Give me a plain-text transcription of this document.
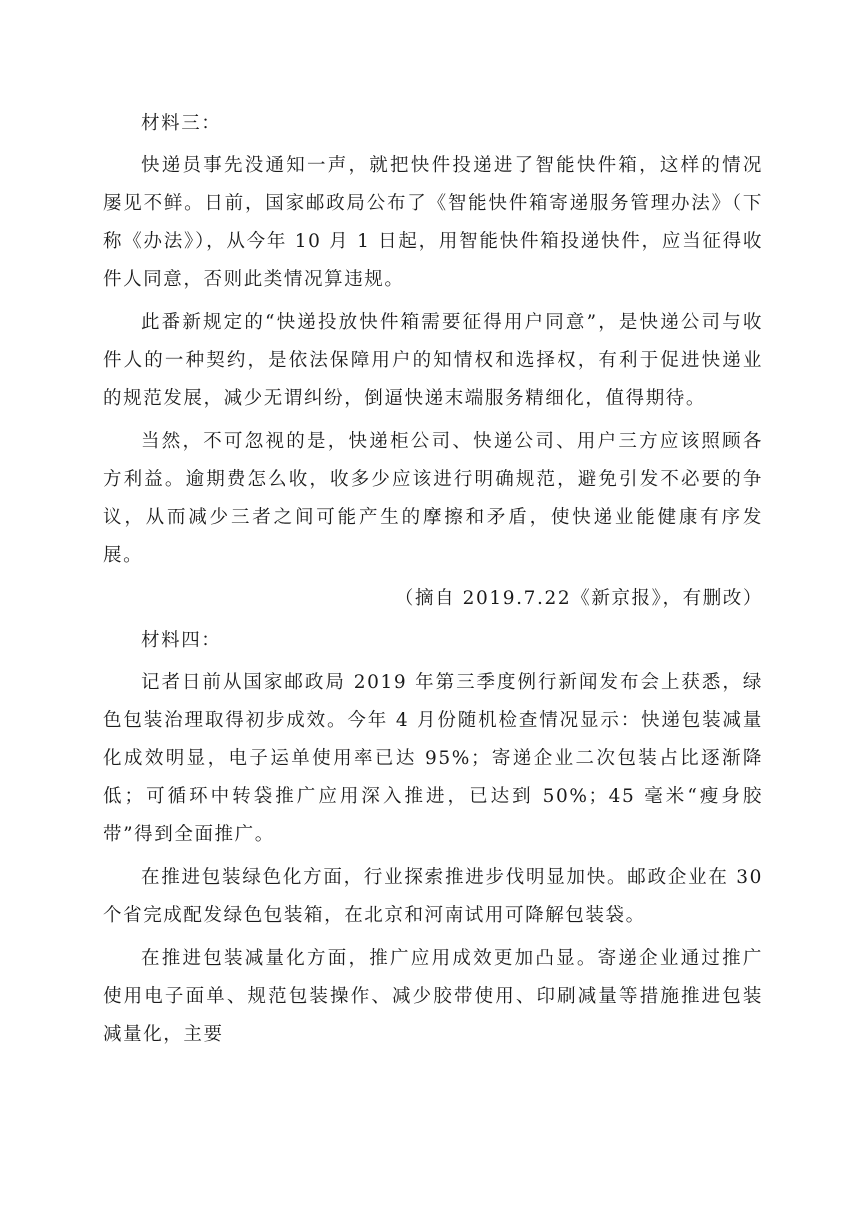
材料三：

快递员事先没通知一声，就把快件投递进了智能快件箱，这样的情况屡见不鲜。日前，国家邮政局公布了《智能快件箱寄递服务管理办法》（下称《办法》），从今年 10 月 1 日起，用智能快件箱投递快件，应当征得收件人同意，否则此类情况算违规。

此番新规定的“快递投放快件箱需要征得用户同意”，是快递公司与收件人的一种契约，是依法保障用户的知情权和选择权，有利于促进快递业的规范发展，减少无谓纠纷，倒逼快递末端服务精细化，值得期待。

当然，不可忽视的是，快递柜公司、快递公司、用户三方应该照顾各方利益。逾期费怎么收，收多少应该进行明确规范，避免引发不必要的争议，从而减少三者之间可能产生的摩擦和矛盾，使快递业能健康有序发展。

（摘自 2019.7.22《新京报》，有删改）

材料四：

记者日前从国家邮政局 2019 年第三季度例行新闻发布会上获悉，绿色包装治理取得初步成效。今年 4 月份随机检查情况显示：快递包装减量化成效明显，电子运单使用率已达 95%；寄递企业二次包装占比逐渐降低；可循环中转袋推广应用深入推进，已达到 50%；45 毫米“瘦身胶带”得到全面推广。

在推进包装绿色化方面，行业探索推进步伐明显加快。邮政企业在 30 个省完成配发绿色包装箱，在北京和河南试用可降解包装袋。

在推进包装减量化方面，推广应用成效更加凸显。寄递企业通过推广使用电子面单、规范包装操作、减少胶带使用、印刷减量等措施推进包装减量化，主要
